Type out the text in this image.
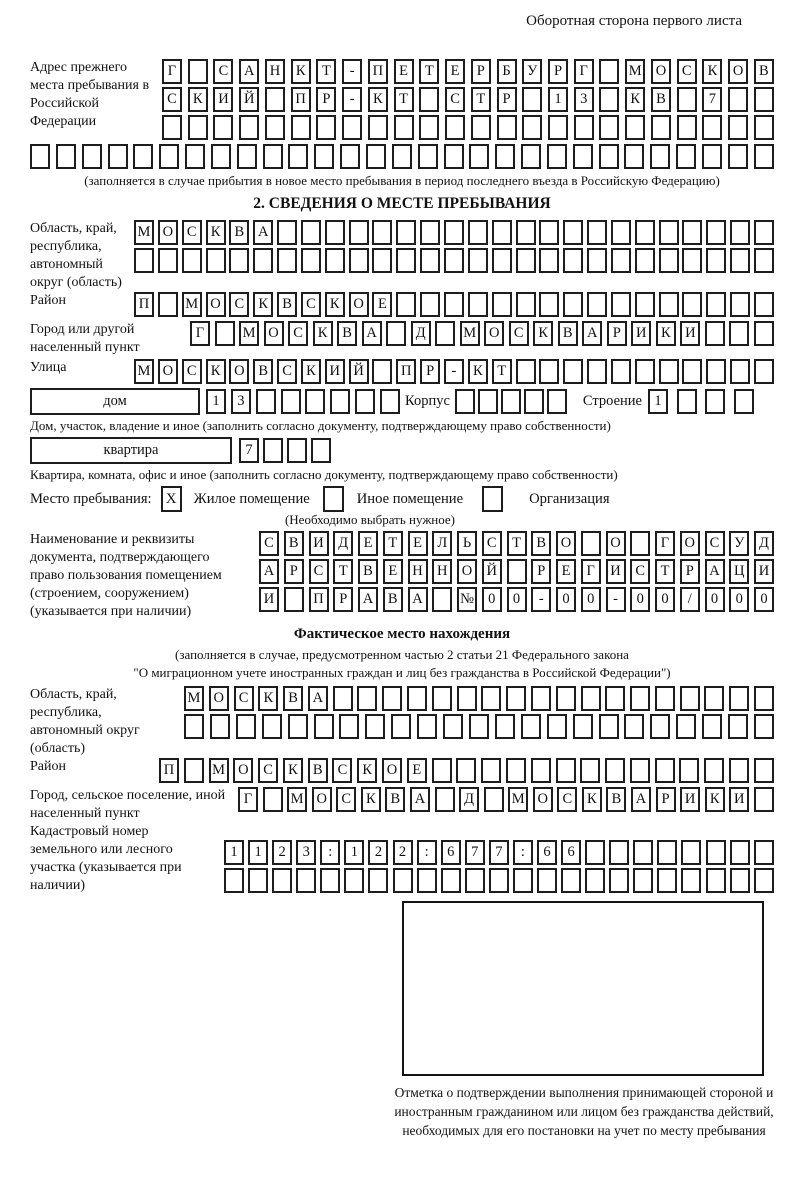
Оборотная сторона первого листа
Адрес прежнего места пребывания в Российской Федерации
Г	С	А	Н	К	Т	-	П	Е	Т	Е	Р	Б	У	Р	Г	М О	С	К	О	В
С	К	И	Й	П	Р	-	К	Т	С	Т	Р	1	3	К	В	7
(заполняется в случае прибытия в новое место пребывания в период последнего въезда в Российскую Федерацию)
2. СВЕДЕНИЯ О МЕСТЕ ПРЕБЫВАНИЯ
Область, край, республика, автономный округ (область)
М О С К В А
Район	П	М О С К В С К О Е
Город или другой населенный пункт
Г	М О С	К	В А	Д	М О С	К	В А	Р	И К И
Улица	М О С К О В С К И Й	П	Р	-	К	Т
дом	1	3	Корпус	Строение 1
Дом, участок, владение и иное (заполнить согласно документу, подтверждающему право собственности)
квартира	7
Квартира, комната, офис и иное (заполнить согласно документу, подтверждающему право собственности)
Место пребывания: X	Жилое помещение	Иное помещение	Организация
(Необходимо выбрать нужное)
Наименование и реквизиты документа, подтверждающего право пользования помещением (строением, сооружением) (указывается при наличии)
С	В	И	Д	Е	Т	Е	Л	Ь	С	Т	В	О	О	Г	О	С	У	Д
А	Р	С	Т	В	Е	Н Н О Й	Р	Е	Г	И	С	Т	Р	А Ц И
И	П	Р	А	В	А	№ 0	0	-	0	0	-	0	0	/	0	0	0
Фактическое место нахождения
(заполняется в случае, предусмотренном частью 2 статьи 21 Федерального закона
"О миграционном учете иностранных граждан и лиц без гражданства в Российской Федерации")
Область, край, республика, автономный округ (область)
М О	С	К	В	А
Район	П	М О	С	К	В	С	К	О	Е
Город, сельское поселение, иной населенный пункт
Г	М О С	К	В А	Д	М О С	К	В А	Р	И К И
Кадастровый номер земельного или лесного участка (указывается при наличии)
1	1	2	3	:	1	2	2	:	6	7	7	:	6	6
Отметка о подтверждении выполнения принимающей стороной и иностранным гражданином или лицом без гражданства действий, необходимых для его постановки на учет по месту пребывания
